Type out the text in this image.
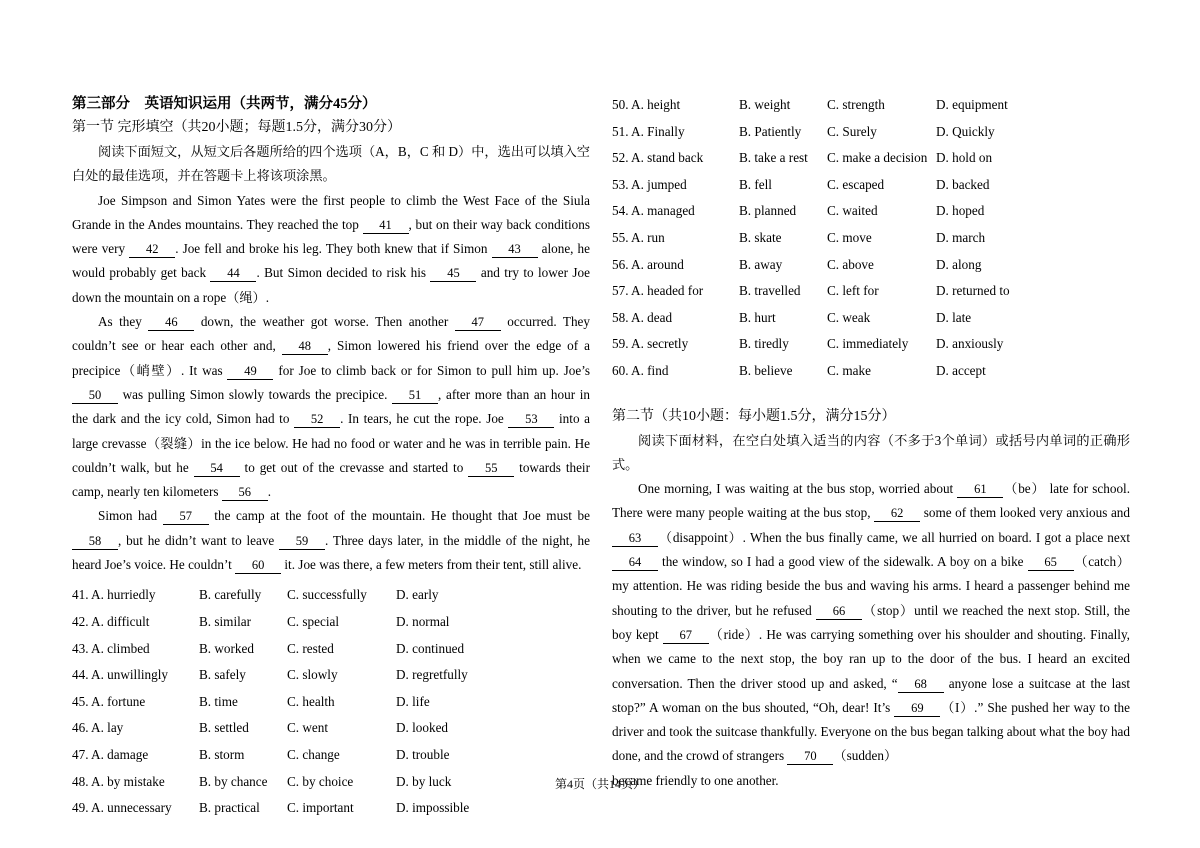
第三部分　英语知识运用（共两节，满分45分）
第一节 完形填空（共20小题；每题1.5分，满分30分）

阅读下面短文，从短文后各题所给的四个选项（A，B，C 和 D）中，选出可以填入空白处的最佳选项，并在答题卡上将该项涂黑。

Joe Simpson and Simon Yates were the first people to climb the West Face of the Siula Grande in the Andes mountains. They reached the top 41 , but on their way back conditions were very 42 . Joe fell and broke his leg. They both knew that if Simon 43 alone, he would probably get back 44 . But Simon decided to risk his 45 and try to lower Joe down the mountain on a rope（绳）.

As they 46 down, the weather got worse. Then another 47 occurred. They couldn’t see or hear each other and, 48 , Simon lowered his friend over the edge of a precipice（峭壁）. It was 49 for Joe to climb back or for Simon to pull him up. Joe’s 50 was pulling Simon slowly towards the precipice. 51 , after more than an hour in the dark and the icy cold, Simon had to 52 . In tears, he cut the rope. Joe 53 into a large crevasse（裂缝）in the ice below. He had no food or water and he was in terrible pain. He couldn’t walk, but he 54 to get out of the crevasse and started to 55 towards their camp, nearly ten kilometers 56 .

Simon had 57 the camp at the foot of the mountain. He thought that Joe must be 58 , but he didn’t want to leave 59 . Three days later, in the middle of the night, he heard Joe’s voice. He couldn’t 60 it. Joe was there, a few meters from their tent, still alive.

41. A. hurriedly	B. carefully	C. successfully	D. early
42. A. difficult	B. similar	C. special	D. normal
43. A. climbed	B. worked	C. rested	D. continued
44. A. unwillingly	B. safely	C. slowly	D. regretfully
45. A. fortune	B. time	C. health	D. life
46. A. lay	B. settled	C. went	D. looked
47. A. damage	B. storm	C. change	D. trouble
48. A. by mistake	B. by chance	C. by choice	D. by luck
49. A. unnecessary	B. practical	C. important	D. impossible
50. A. height	B. weight	C. strength	D. equipment
51. A. Finally	B. Patiently	C. Surely	D. Quickly
52. A. stand back	B. take a rest	C. make a decision D. hold on
53. A. jumped	B. fell	C. escaped	D. backed
54. A. managed	B. planned	C. waited	D. hoped
55. A. run	B. skate	C. move	D. march
56. A. around	B. away	C. above	D. along
57. A. headed for	B. travelled	C. left for	D. returned to
58. A. dead	B. hurt	C. weak	D. late
59. A. secretly	B. tiredly	C. immediately	D. anxiously
60. A. find	B. believe	C. make	D. accept
第二节（共10小题：每小题1.5分，满分15分）

阅读下面材料，在空白处填入适当的内容（不多于3个单词）或括号内单词的正确形式。

One morning, I was waiting at the bus stop, worried about 61 （be） late for school. There were many people waiting at the bus stop, 62 some of them looked very anxious and 63 （disappoint）. When the bus finally came, we all hurried on board. I got a place next 64 the window, so I had a good view of the sidewalk. A boy on a bike 65 （catch）my attention. He was riding beside the bus and waving his arms. I heard a passenger behind me shouting to the driver, but he refused 66 （stop）until we reached the next stop. Still, the boy kept 67 （ride）. He was carrying something over his shoulder and shouting. Finally, when we came to the next stop, the boy ran up to the door of the bus. I heard an excited conversation. Then the driver stood up and asked, “ 68 anyone lose a suitcase at the last stop?” A woman on the bus shouted, “Oh, dear! It’s 69 （I）.” She pushed her way to the driver and took the suitcase thankfully. Everyone on the bus began talking about what the boy had done, and the crowd of strangers 70 （sudden）

became friendly to one another.

第4页（共14页）
